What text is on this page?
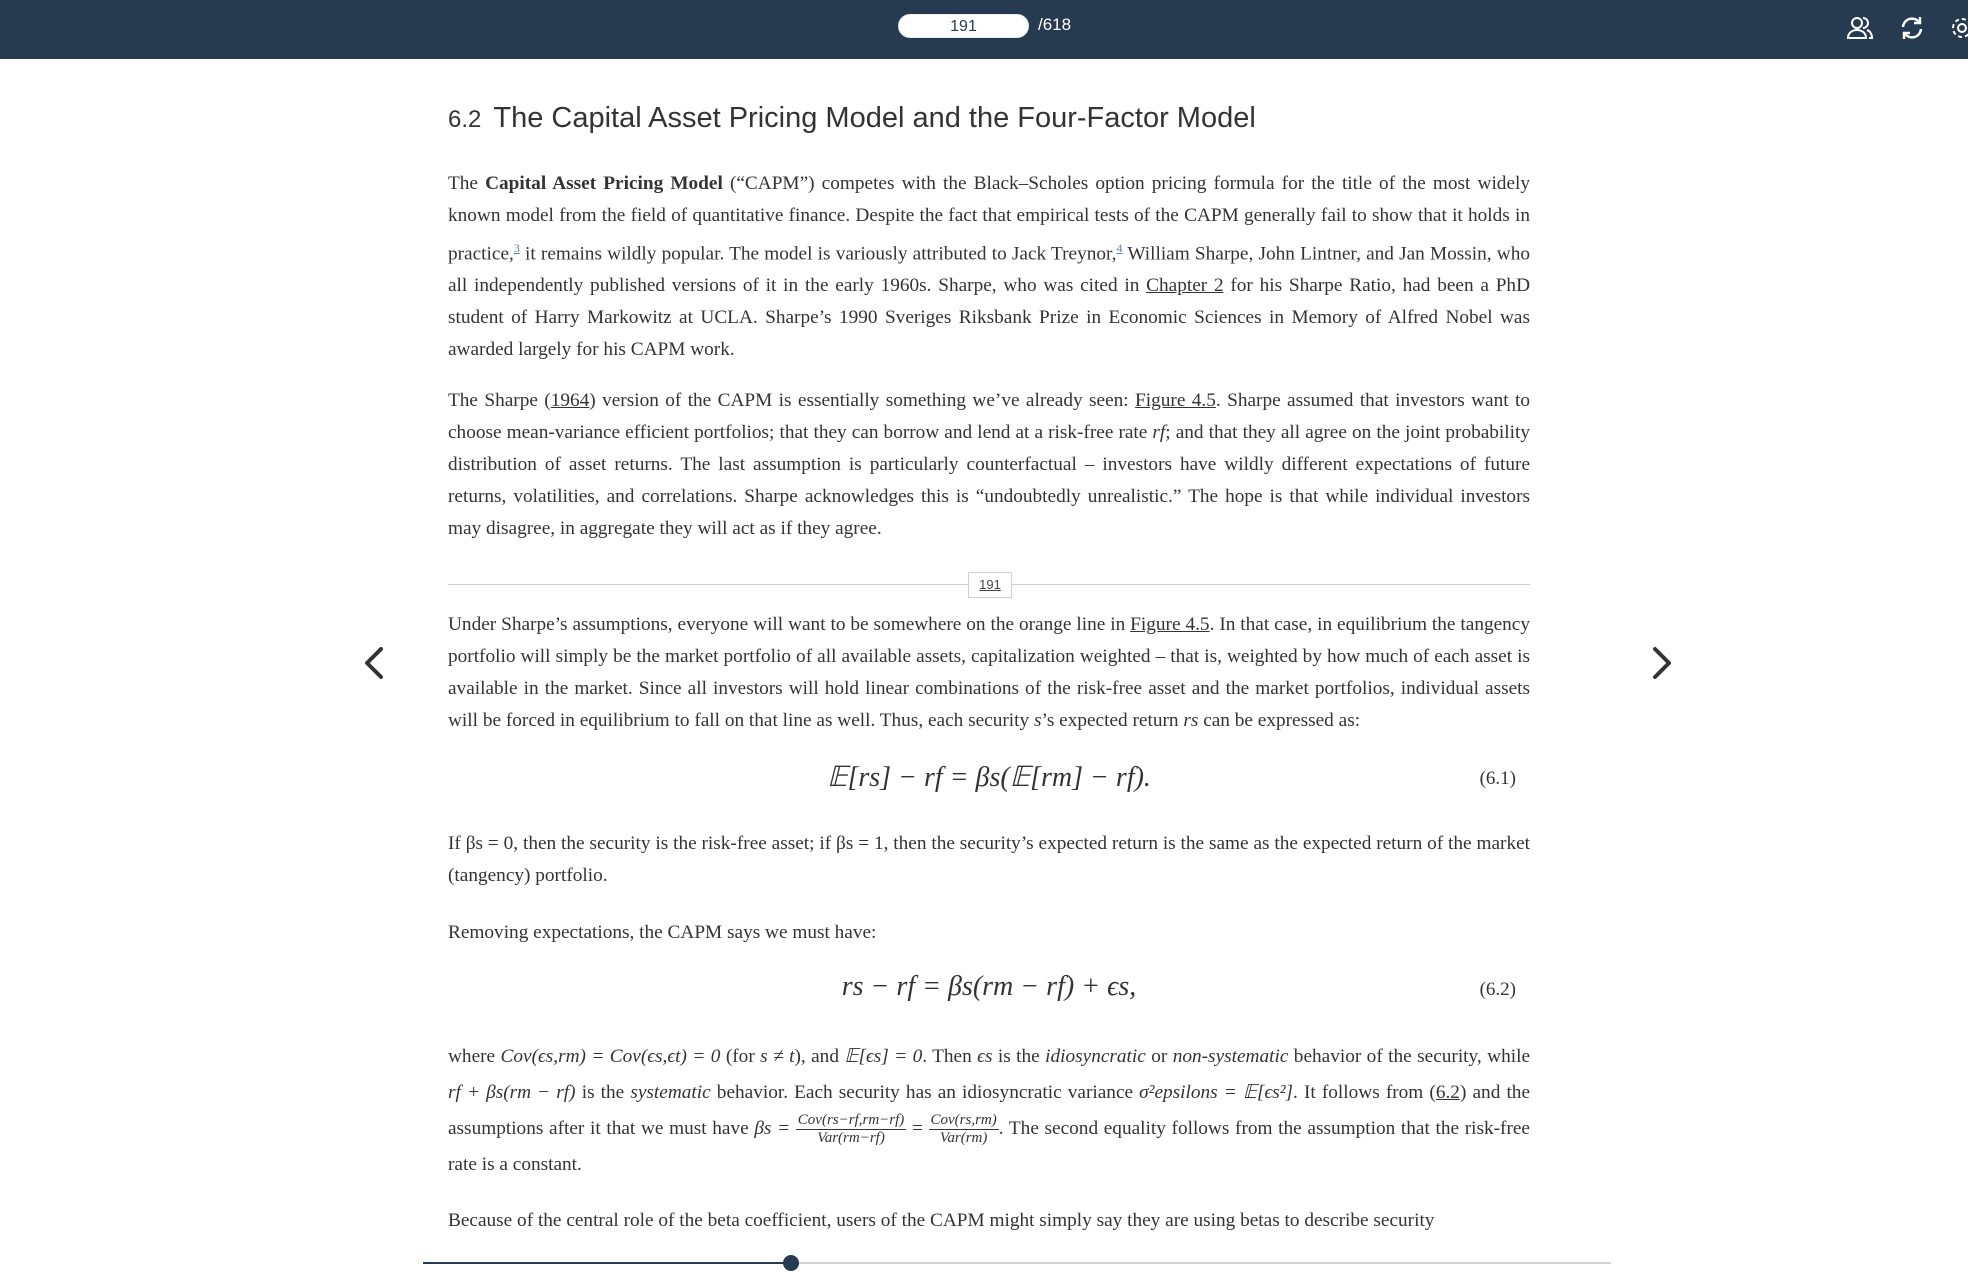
191	/618
6.2 The Capital Asset Pricing Model and the Four-Factor Model

The Capital Asset Pricing Model (“CAPM”) competes with the Black–Scholes option pricing formula for the title of the most widely known model from the field of quantitative finance. Despite the fact that empirical tests of the CAPM generally fail to show that it holds in practice,$^3$ it remains wildly popular. The model is variously attributed to Jack Treynor,$^4$ William Sharpe, John Lintner, and Jan Mossin, who all independently published versions of it in the early 1960s. Sharpe, who was cited in Chapter 2 for his Sharpe Ratio, had been a PhD student of Harry Markowitz at UCLA. Sharpe’s 1990 Sveriges Riksbank Prize in Economic Sciences in Memory of Alfred Nobel was awarded largely for his CAPM work.

The Sharpe (1964) version of the CAPM is essentially something we’ve already seen: Figure 4.5. Sharpe assumed that investors want to choose mean-variance efficient portfolios; that they can borrow and lend at a risk-free rate rf; and that they all agree on the joint probability distribution of asset returns. The last assumption is particularly counterfactual – investors have wildly different expectations of future returns, volatilities, and correlations. Sharpe acknowledges this is “undoubtedly unrealistic.” The hope is that while individual investors may disagree, in aggregate they will act as if they agree.

191

Under Sharpe’s assumptions, everyone will want to be somewhere on the orange line in Figure 4.5. In that case, in equilibrium the tangency portfolio will simply be the market portfolio of all available assets, capitalization weighted – that is, weighted by how much of each asset is available in the market. Since all investors will hold linear combinations of the risk-free asset and the market portfolios, individual assets will be forced in equilibrium to fall on that line as well. Thus, each security s’s expected return rs can be expressed as:

𝔼[rs] − rf = βs(𝔼[rm] − rf).	(6.1)

If βs = 0, then the security is the risk-free asset; if βs = 1, then the security’s expected return is the same as the expected return of the market (tangency) portfolio.

Removing expectations, the CAPM says we must have:

rs − rf = βs(rm − rf) + ϵs,	(6.2)

where Cov(ϵs,rm) = Cov(ϵs,ϵt) = 0 (for s ≠ t), and 𝔼[ϵs] = 0. Then ϵs is the idiosyncratic or non-systematic behavior of the security, while rf + βs(rm − rf) is the systematic behavior. Each security has an idiosyncratic variance σ²epsilons = 𝔼[ϵs²]. It follows from (6.2) and the assumptions after it that we must have $\beta s = \frac{\text{Cov(rs−rf,rm−rf)}}{\text{Var(rm−rf)}} = \frac{\text{Cov(rs,rm)}}{\text{Var(rm)}}$ . The second equality follows from the assumption that the risk-free rate is a constant.

Because of the central role of the beta coefficient, users of the CAPM might simply say they are using betas to describe security
